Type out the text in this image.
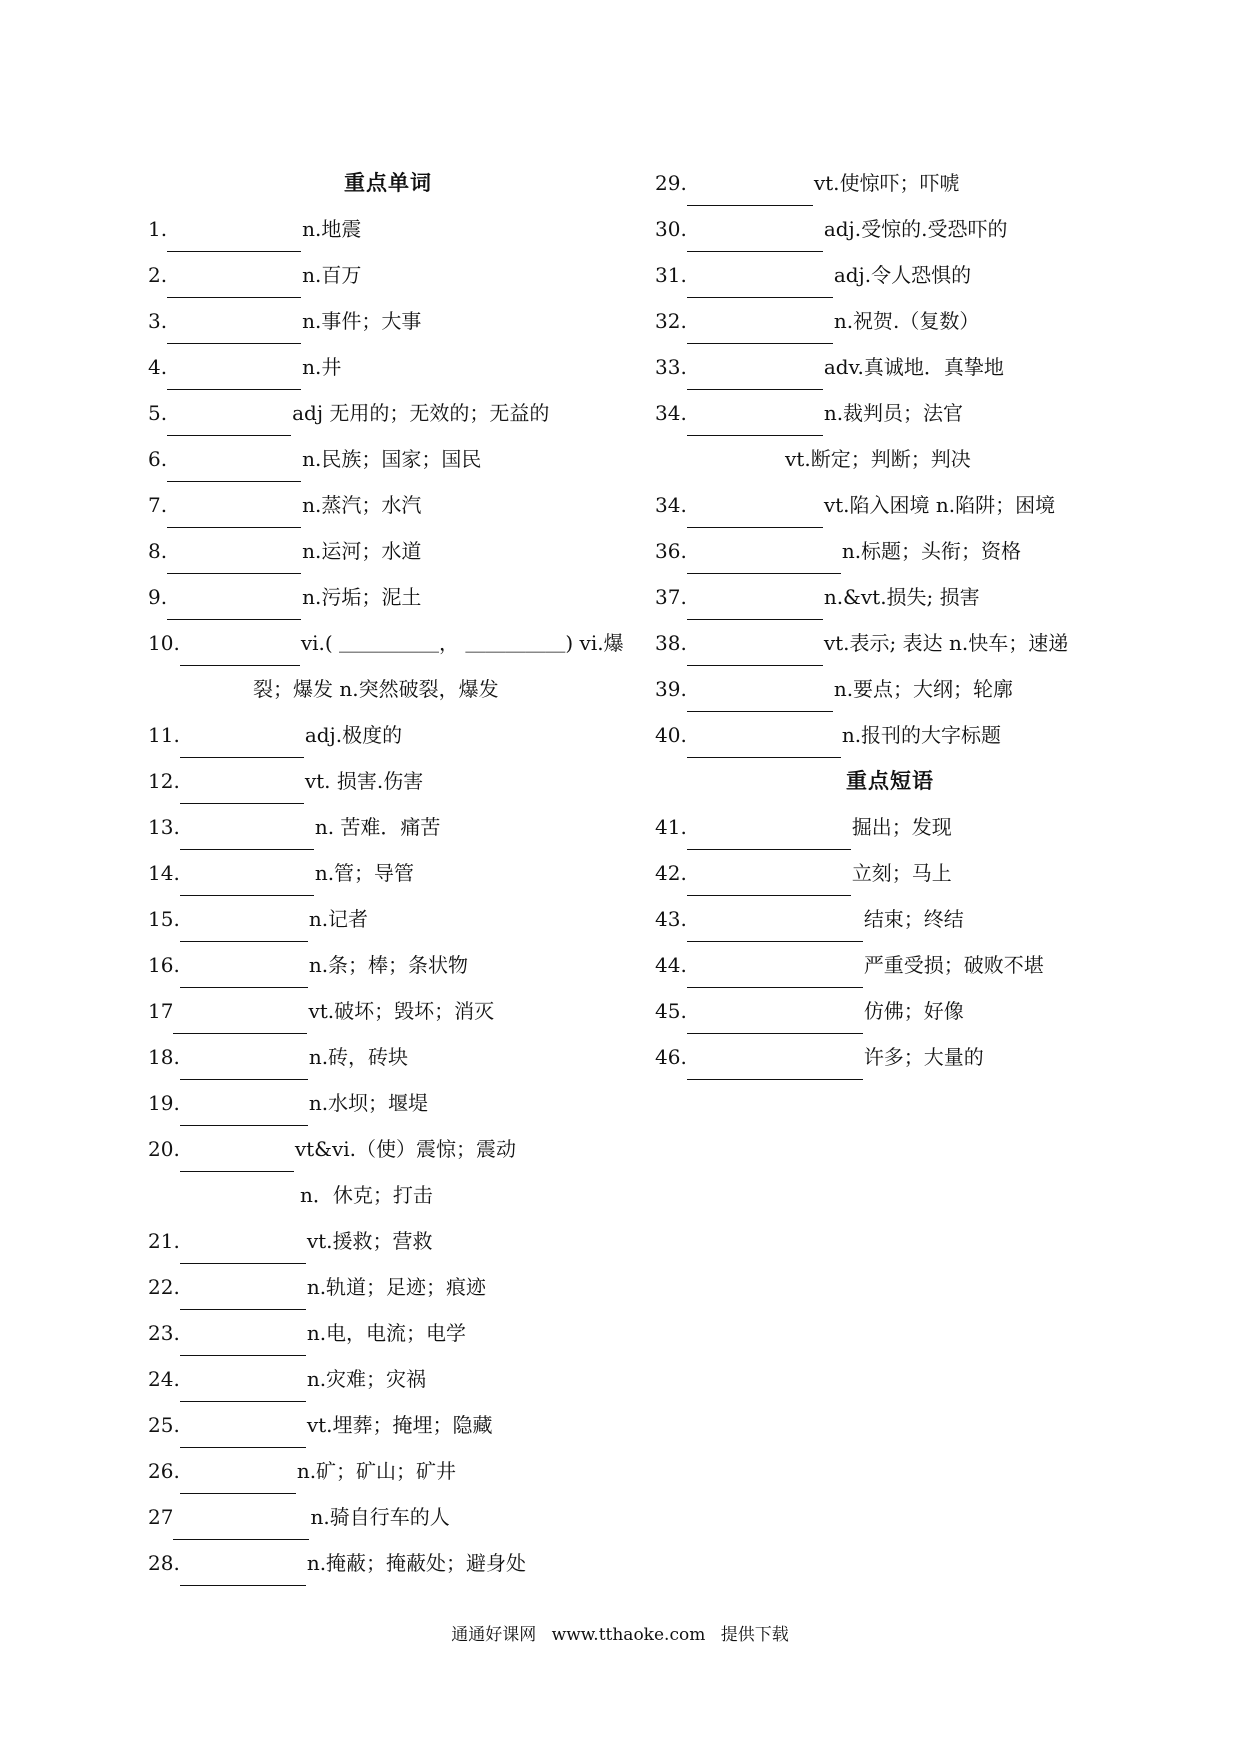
重点单词
1.	n.地震
2.	n.百万
3.	n.事件；大事
4.	n.井
5.	adj 无用的；无效的；无益的
6.	n.民族；国家；国民
7.	n.蒸汽；水汽
8.	n.运河；水道
9.	n.污垢；泥土
10.	vi.( ＿＿＿＿＿， ＿＿＿＿＿) vi.爆
裂；爆发 n.突然破裂，爆发
11.	adj.极度的
12.	vt. 损害.伤害
13.	n. 苦难．痛苦
14.	n.管；导管
15.	n.记者
16.	n.条；棒；条状物
17	vt.破坏；毁坏；消灭
18.	n.砖，砖块
19.	n.水坝；堰堤
20.	vt&vi.（使）震惊；震动
n．休克；打击
21.	vt.援救；营救
22.	n.轨道；足迹；痕迹
23.	n.电，电流；电学
24.	n.灾难；灾祸
25.	vt.埋葬；掩埋；隐藏
26.	n.矿；矿山；矿井
27	n.骑自行车的人
28.	n.掩蔽；掩蔽处；避身处
29.	vt.使惊吓；吓唬
30.	adj.受惊的.受恐吓的
31.	adj.令人恐惧的
32.	n.祝贺.（复数）
33.	adv.真诚地．真挚地
34.	n.裁判员；法官
vt.断定；判断；判决
34.	vt.陷入困境 n.陷阱；困境
36.	n.标题；头衔；资格
37.	n.&vt.损失; 损害
38.	vt.表示; 表达 n.快车；速递
39.	n.要点；大纲；轮廓
40.	n.报刊的大字标题
重点短语
41.	掘出；发现
42.	立刻；马上
43.	结束；终结
44.	严重受损；破败不堪
45.	仿佛；好像
46.	许多；大量的
通通好课网 www.tthaoke.com 提供下载
